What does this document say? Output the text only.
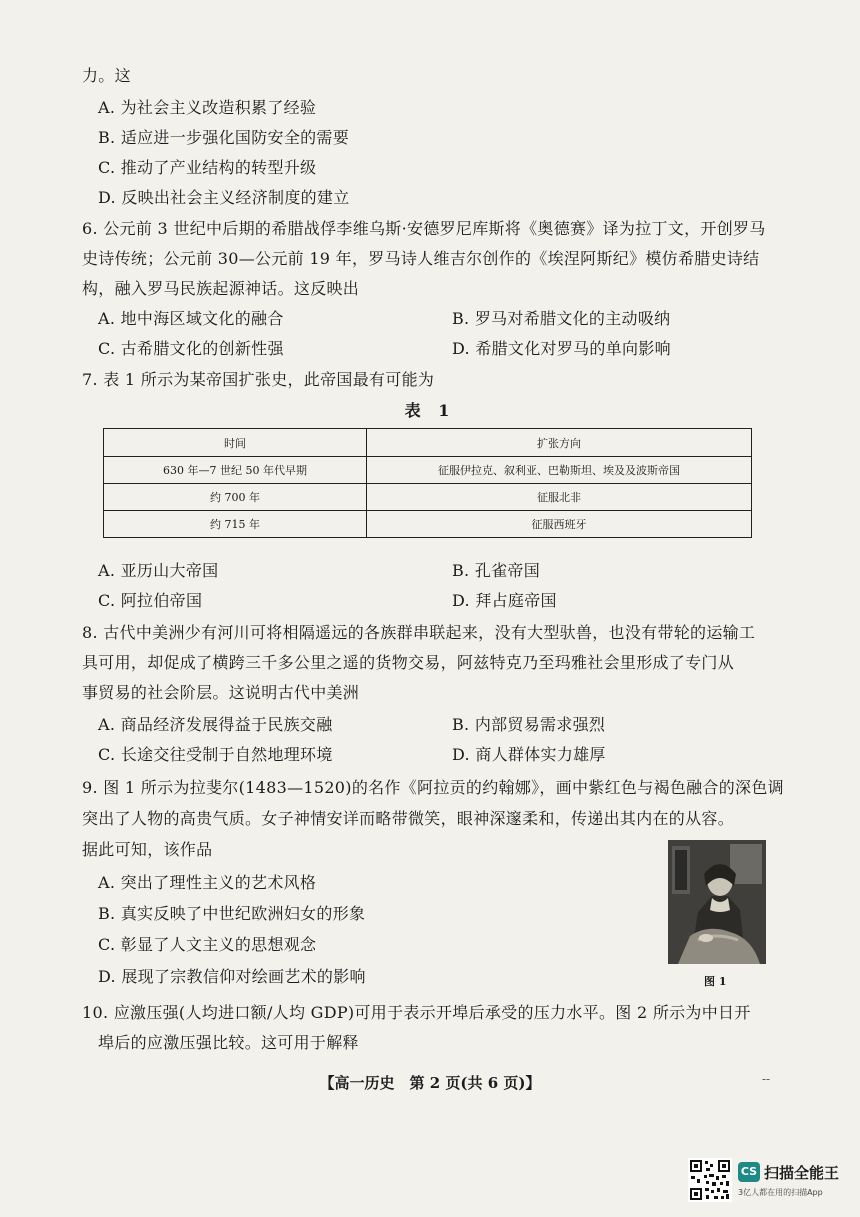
力。这
A. 为社会主义改造积累了经验
B. 适应进一步强化国防安全的需要
C. 推动了产业结构的转型升级
D. 反映出社会主义经济制度的建立
6. 公元前 3 世纪中后期的希腊战俘李维乌斯·安德罗尼库斯将《奥德赛》译为拉丁文，开创罗马
史诗传统；公元前 30—公元前 19 年，罗马诗人维吉尔创作的《埃涅阿斯纪》模仿希腊史诗结
构，融入罗马民族起源神话。这反映出
A. 地中海区域文化的融合	B. 罗马对希腊文化的主动吸纳
C. 古希腊文化的创新性强	D. 希腊文化对罗马的单向影响
7. 表 1 所示为某帝国扩张史，此帝国最有可能为
表 1
时间	扩张方向
630 年—7 世纪 50 年代早期	征服伊拉克、叙利亚、巴勒斯坦、埃及及波斯帝国
约 700 年	征服北非
约 715 年	征服西班牙
A. 亚历山大帝国	B. 孔雀帝国
C. 阿拉伯帝国	D. 拜占庭帝国
8. 古代中美洲少有河川可将相隔遥远的各族群串联起来，没有大型驮兽，也没有带轮的运输工
具可用，却促成了横跨三千多公里之遥的货物交易，阿兹特克乃至玛雅社会里形成了专门从
事贸易的社会阶层。这说明古代中美洲
A. 商品经济发展得益于民族交融	B. 内部贸易需求强烈
C. 长途交往受制于自然地理环境	D. 商人群体实力雄厚
9. 图 1 所示为拉斐尔(1483—1520)的名作《阿拉贡的约翰娜》，画中紫红色与褐色融合的深色调
突出了人物的高贵气质。女子神情安详而略带微笑，眼神深邃柔和，传递出其内在的从容。
据此可知，该作品
A. 突出了理性主义的艺术风格
B. 真实反映了中世纪欧洲妇女的形象
C. 彰显了人文主义的思想观念
D. 展现了宗教信仰对绘画艺术的影响	图 1
10. 应激压强(人均进口额/人均 GDP)可用于表示开埠后承受的压力水平。图 2 所示为中日开
埠后的应激压强比较。这可用于解释
【高一历史　第 2 页(共 6 页)】	--
CS 扫描全能王
3亿人都在用的扫描App
